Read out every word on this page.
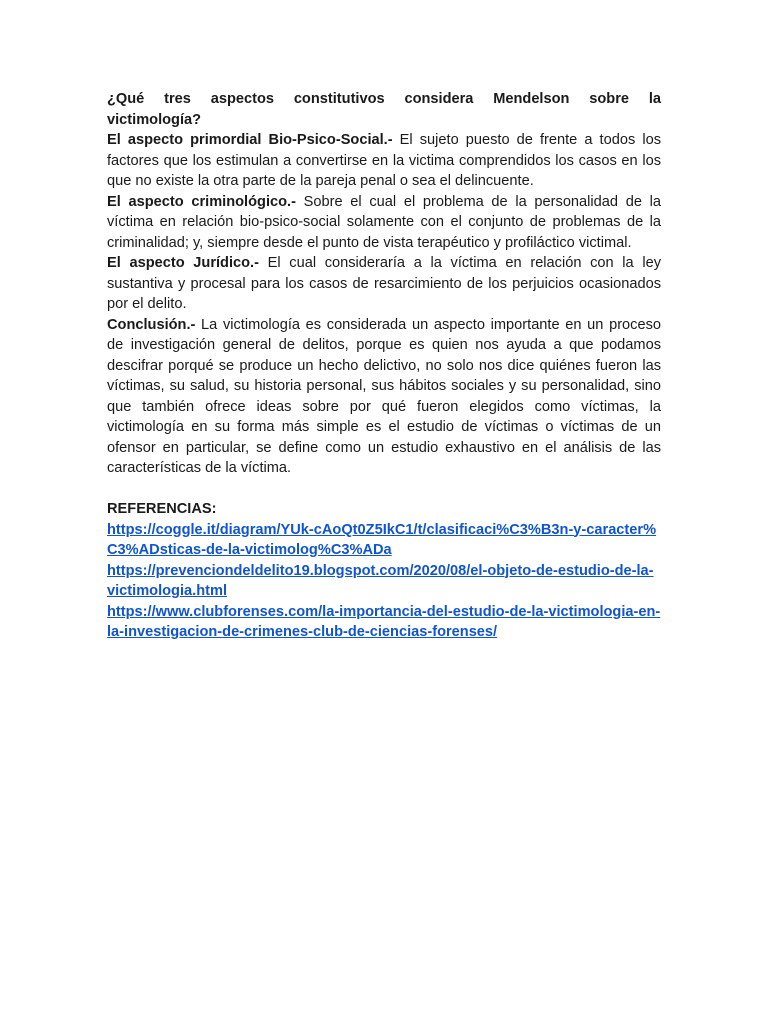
¿Qué tres aspectos constitutivos considera Mendelson sobre la
victimología?

El aspecto primordial Bio-Psico-Social.- El sujeto puesto de frente a todos los factores que los estimulan a convertirse en la victima comprendidos los casos en los que no existe la otra parte de la pareja penal o sea el delincuente.

El aspecto criminológico.- Sobre el cual el problema de la personalidad de la víctima en relación bio-psico-social solamente con el conjunto de problemas de la criminalidad; y, siempre desde el punto de vista terapéutico y profiláctico victimal.

El aspecto Jurídico.- El cual consideraría a la víctima en relación con la ley sustantiva y procesal para los casos de resarcimiento de los perjuicios ocasionados por el delito.

Conclusión.- La victimología es considerada un aspecto importante en un proceso de investigación general de delitos, porque es quien nos ayuda a que podamos descifrar porqué se produce un hecho delictivo, no solo nos dice quiénes fueron las víctimas, su salud, su historia personal, sus hábitos sociales y su personalidad, sino que también ofrece ideas sobre por qué fueron elegidos como víctimas, la victimología en su forma más simple es el estudio de víctimas o víctimas de un ofensor en particular, se define como un estudio exhaustivo en el análisis de las características de la víctima.

REFERENCIAS:

https://coggle.it/diagram/YUk-cAoQt0Z5IkC1/t/clasificaci%C3%B3n-y-caracter%C3%ADsticas-de-la-victimolog%C3%ADa
https://prevenciondeldelito19.blogspot.com/2020/08/el-objeto-de-estudio-de-la-victimologia.html
https://www.clubforenses.com/la-importancia-del-estudio-de-la-victimologia-en-la-investigacion-de-crimenes-club-de-ciencias-forenses/
